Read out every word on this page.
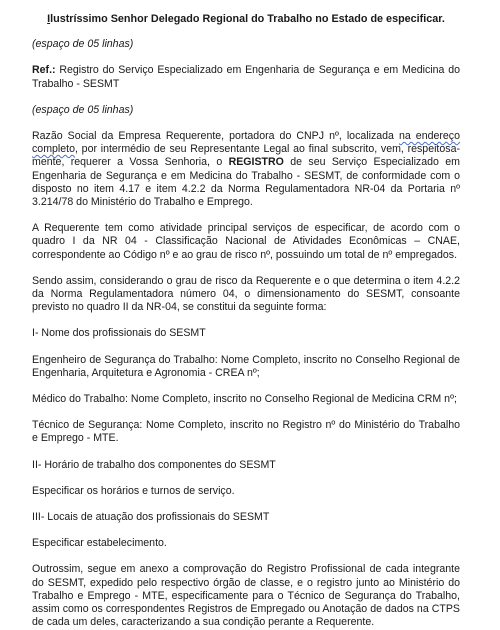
Ilustríssimo Senhor Delegado Regional do Trabalho no Estado de especificar.
(espaço de 05 linhas)
Ref.: Registro do Serviço Especializado em Engenharia de Segurança e em Medicina do Trabalho - SESMT
(espaço de 05 linhas)
Razão Social da Empresa Requerente, portadora do CNPJ nº, localizada na endereço completo, por intermédio de seu Representante Legal ao final subscrito, vem, respeitosa-mente, requerer a Vossa Senhoria, o REGISTRO de seu Serviço Especializado em Engenharia de Segurança e em Medicina do Trabalho - SESMT, de conformidade com o disposto no item 4.17 e item 4.2.2 da Norma Regulamentadora NR-04 da Portaria nº 3.214/78 do Ministério do Trabalho e Emprego.
A Requerente tem como atividade principal serviços de especificar, de acordo com o quadro I da NR 04 - Classificação Nacional de Atividades Econômicas – CNAE, correspondente ao Código nº e ao grau de risco nº, possuindo um total de nº empregados.
Sendo assim, considerando o grau de risco da Requerente e o que determina o item 4.2.2 da Norma Regulamentadora número 04, o dimensionamento do SESMT, consoante previsto no quadro II da NR-04, se constitui da seguinte forma:
I- Nome dos profissionais do SESMT
Engenheiro de Segurança do Trabalho: Nome Completo, inscrito no Conselho Regional de Engenharia, Arquitetura e Agronomia - CREA nº;
Médico do Trabalho: Nome Completo, inscrito no Conselho Regional de Medicina CRM nº;
Técnico de Segurança: Nome Completo, inscrito no Registro nº do Ministério do Trabalho e Emprego - MTE.
II- Horário de trabalho dos componentes do SESMT
Especificar os horários e turnos de serviço.
III- Locais de atuação dos profissionais do SESMT
Especificar estabelecimento.
Outrossim, segue em anexo a comprovação do Registro Profissional de cada integrante do SESMT, expedido pelo respectivo órgão de classe, e o registro junto ao Ministério do Trabalho e Emprego - MTE, especificamente para o Técnico de Segurança do Trabalho, assim como os correspondentes Registros de Empregado ou Anotação de dados na CTPS de cada um deles, caracterizando a sua condição perante a Requerente.
